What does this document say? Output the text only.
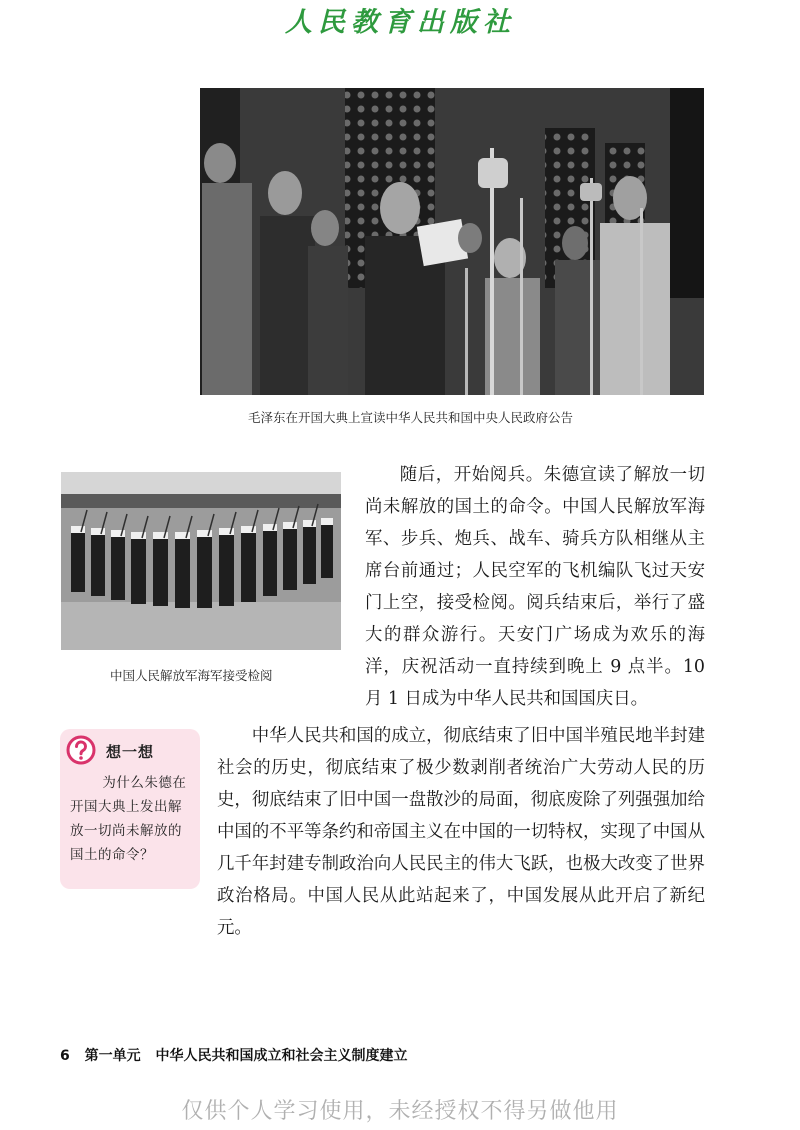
人民教育出版社
毛泽东在开国大典上宣读中华人民共和国中央人民政府公告
中国人民解放军海军接受检阅

随后，开始阅兵。朱德宣读了解放一切尚未解放的国土的命令。中国人民解放军海军、步兵、炮兵、战车、骑兵方队相继从主席台前通过；人民空军的飞机编队飞过天安门上空，接受检阅。阅兵结束后，举行了盛大的群众游行。天安门广场成为欢乐的海洋，庆祝活动一直持续到晚上 9 点半。10 月 1 日成为中华人民共和国国庆日。

想一想

为什么朱德在开国大典上发出解放一切尚未解放的国土的命令？

中华人民共和国的成立，彻底结束了旧中国半殖民地半封建社会的历史，彻底结束了极少数剥削者统治广大劳动人民的历史，彻底结束了旧中国一盘散沙的局面，彻底废除了列强强加给中国的不平等条约和帝国主义在中国的一切特权，实现了中国从几千年封建专制政治向人民民主的伟大飞跃，也极大改变了世界政治格局。中国人民从此站起来了，中国发展从此开启了新纪元。

6 第一单元 中华人民共和国成立和社会主义制度建立
仅供个人学习使用，未经授权不得另做他用
